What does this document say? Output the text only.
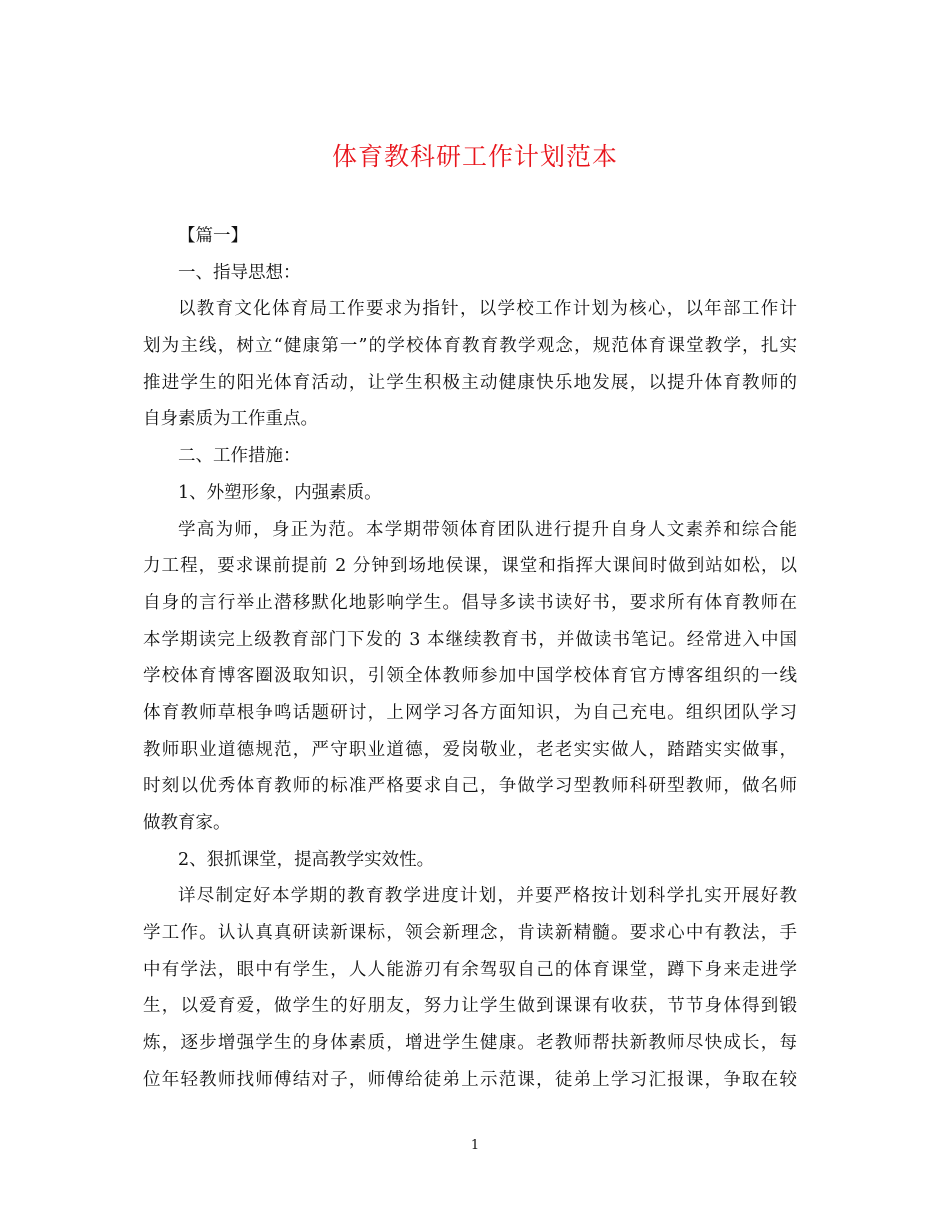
体育教科研工作计划范本
【篇一】
一、指导思想：
以教育文化体育局工作要求为指针，以学校工作计划为核心，以年部工作计
划为主线，树立“健康第一”的学校体育教育教学观念，规范体育课堂教学，扎实
推进学生的阳光体育活动，让学生积极主动健康快乐地发展，以提升体育教师的
自身素质为工作重点。
二、工作措施：
1、外塑形象，内强素质。
学高为师，身正为范。本学期带领体育团队进行提升自身人文素养和综合能
力工程，要求课前提前 2 分钟到场地侯课，课堂和指挥大课间时做到站如松，以
自身的言行举止潜移默化地影响学生。倡导多读书读好书，要求所有体育教师在
本学期读完上级教育部门下发的 3 本继续教育书，并做读书笔记。经常进入中国
学校体育博客圈汲取知识，引领全体教师参加中国学校体育官方博客组织的一线
体育教师草根争鸣话题研讨，上网学习各方面知识，为自己充电。组织团队学习
教师职业道德规范，严守职业道德，爱岗敬业，老老实实做人，踏踏实实做事，
时刻以优秀体育教师的标准严格要求自己，争做学习型教师科研型教师，做名师
做教育家。
2、狠抓课堂，提高教学实效性。
详尽制定好本学期的教育教学进度计划，并要严格按计划科学扎实开展好教
学工作。认认真真研读新课标，领会新理念，肯读新精髓。要求心中有教法，手
中有学法，眼中有学生，人人能游刃有余驾驭自己的体育课堂，蹲下身来走进学
生，以爱育爱，做学生的好朋友，努力让学生做到课课有收获，节节身体得到锻
炼，逐步增强学生的身体素质，增进学生健康。老教师帮扶新教师尽快成长，每
位年轻教师找师傅结对子，师傅给徒弟上示范课，徒弟上学习汇报课，争取在较
1
